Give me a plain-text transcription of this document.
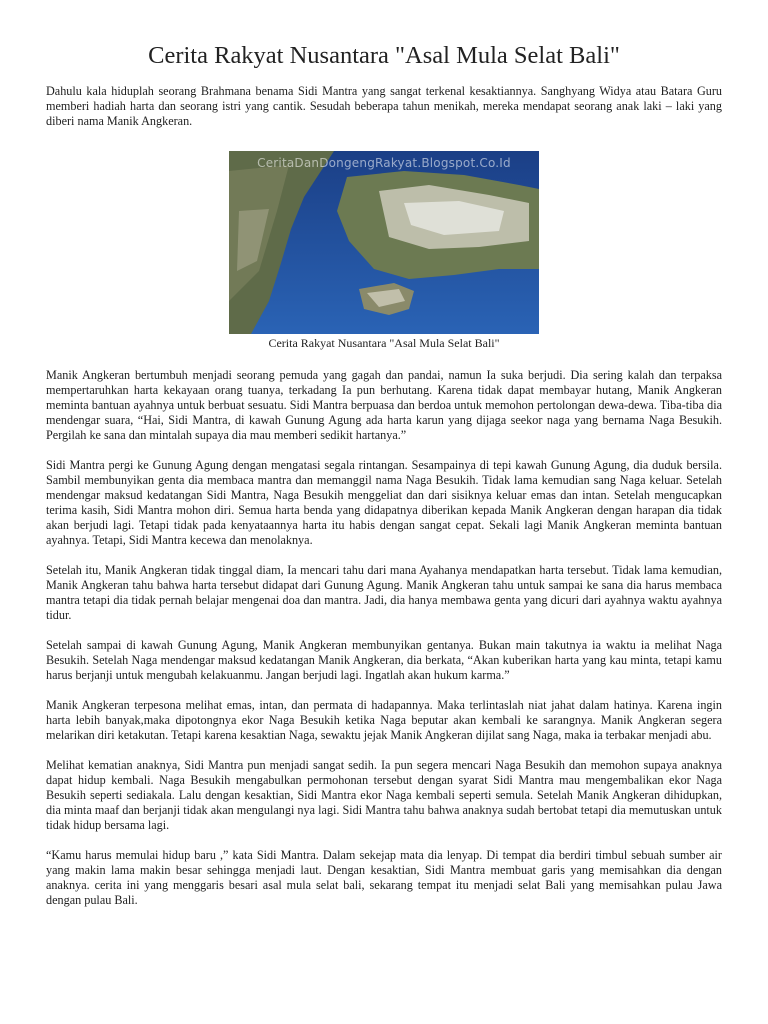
Cerita Rakyat Nusantara "Asal Mula Selat Bali"

Dahulu kala hiduplah seorang Brahmana benama Sidi Mantra yang sangat terkenal kesaktiannya. Sanghyang Widya atau Batara Guru memberi hadiah harta dan seorang istri yang cantik. Sesudah beberapa tahun menikah, mereka mendapat seorang anak laki – laki yang diberi nama Manik Angkeran.

CeritaDanDongengRakyat.Blogspot.Co.Id
Cerita Rakyat Nusantara "Asal Mula Selat Bali"

Manik Angkeran bertumbuh menjadi seorang pemuda yang gagah dan pandai, namun Ia suka berjudi. Dia sering kalah dan terpaksa mempertaruhkan harta kekayaan orang tuanya, terkadang Ia pun berhutang. Karena tidak dapat membayar hutang, Manik Angkeran meminta bantuan ayahnya untuk berbuat sesuatu. Sidi Mantra berpuasa dan berdoa untuk memohon pertolongan dewa-dewa. Tiba-tiba dia mendengar suara, “Hai, Sidi Mantra, di kawah Gunung Agung ada harta karun yang dijaga seekor naga yang bernama Naga Besukih. Pergilah ke sana dan mintalah supaya dia mau memberi sedikit hartanya.”

Sidi Mantra pergi ke Gunung Agung dengan mengatasi segala rintangan. Sesampainya di tepi kawah Gunung Agung, dia duduk bersila. Sambil membunyikan genta dia membaca mantra dan memanggil nama Naga Besukih. Tidak lama kemudian sang Naga keluar. Setelah mendengar maksud kedatangan Sidi Mantra, Naga Besukih menggeliat dan dari sisiknya keluar emas dan intan. Setelah mengucapkan terima kasih, Sidi Mantra mohon diri. Semua harta benda yang didapatnya diberikan kepada Manik Angkeran dengan harapan dia tidak akan berjudi lagi. Tetapi tidak pada kenyataannya harta itu habis dengan sangat cepat. Sekali lagi Manik Angkeran meminta bantuan ayahnya. Tetapi, Sidi Mantra kecewa dan menolaknya.

Setelah itu, Manik Angkeran tidak tinggal diam, Ia mencari tahu dari mana Ayahanya mendapatkan harta tersebut. Tidak lama kemudian, Manik Angkeran tahu bahwa harta tersebut didapat dari Gunung Agung. Manik Angkeran tahu untuk sampai ke sana dia harus membaca mantra tetapi dia tidak pernah belajar mengenai doa dan mantra. Jadi, dia hanya membawa genta yang dicuri dari ayahnya waktu ayahnya tidur.

Setelah sampai di kawah Gunung Agung, Manik Angkeran membunyikan gentanya. Bukan main takutnya ia waktu ia melihat Naga Besukih. Setelah Naga mendengar maksud kedatangan Manik Angkeran, dia berkata, “Akan kuberikan harta yang kau minta, tetapi kamu harus berjanji untuk mengubah kelakuanmu. Jangan berjudi lagi. Ingatlah akan hukum karma.”

Manik Angkeran terpesona melihat emas, intan, dan permata di hadapannya. Maka terlintaslah niat jahat dalam hatinya. Karena ingin harta lebih banyak,maka dipotongnya ekor Naga Besukih ketika Naga beputar akan kembali ke sarangnya. Manik Angkeran segera melarikan diri ketakutan. Tetapi karena kesaktian Naga, sewaktu jejak Manik Angkeran dijilat sang Naga, maka ia terbakar menjadi abu.

Melihat kematian anaknya, Sidi Mantra pun menjadi sangat sedih. Ia pun segera mencari Naga Besukih dan memohon supaya anaknya dapat hidup kembali. Naga Besukih mengabulkan permohonan tersebut dengan syarat Sidi Mantra mau mengembalikan ekor Naga Besukih seperti sediakala. Lalu dengan kesaktian, Sidi Mantra ekor Naga kembali seperti semula. Setelah Manik Angkeran dihidupkan, dia minta maaf dan berjanji tidak akan mengulangi nya lagi. Sidi Mantra tahu bahwa anaknya sudah bertobat tetapi dia memutuskan untuk tidak hidup bersama lagi.

“Kamu harus memulai hidup baru ,” kata Sidi Mantra. Dalam sekejap mata dia lenyap. Di tempat dia berdiri timbul sebuah sumber air yang makin lama makin besar sehingga menjadi laut. Dengan kesaktian, Sidi Mantra membuat garis yang memisahkan dia dengan anaknya. cerita ini yang menggaris besari asal mula selat bali, sekarang tempat itu menjadi selat Bali yang memisahkan pulau Jawa dengan pulau Bali.
